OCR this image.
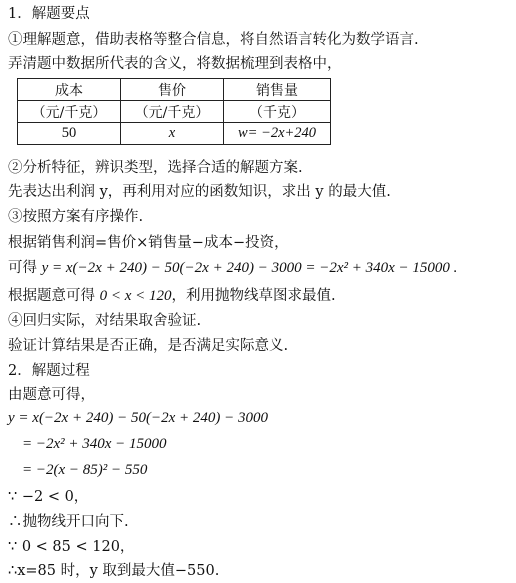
1．解题要点
①理解题意，借助表格等整合信息，将自然语言转化为数学语言.
弄清题中数据所代表的含义，将数据梳理到表格中，
成本	售价	销售量
（元/千克）	（元/千克）	（千克）
50	x	w= −2x+240
②分析特征，辨识类型，选择合适的解题方案.
先表达出利润 y，再利用对应的函数知识，求出 y 的最大值.
③按照方案有序操作.
根据销售利润=售价×销售量−成本−投资，
可得 y = x(−2x + 240) − 50(−2x + 240) − 3000 = −2x² + 340x − 15000 .
根据题意可得 0 < x < 120，利用抛物线草图求最值.
④回归实际，对结果取舍验证.
验证计算结果是否正确，是否满足实际意义.
2．解题过程
由题意可得，
y = x(−2x + 240) − 50(−2x + 240) − 3000
= −2x² + 340x − 15000
= −2(x − 85)² − 550
∵ −2 < 0，
∴抛物线开口向下.
∵ 0 < 85 < 120，
∴x=85 时，y 取到最大值−550.
